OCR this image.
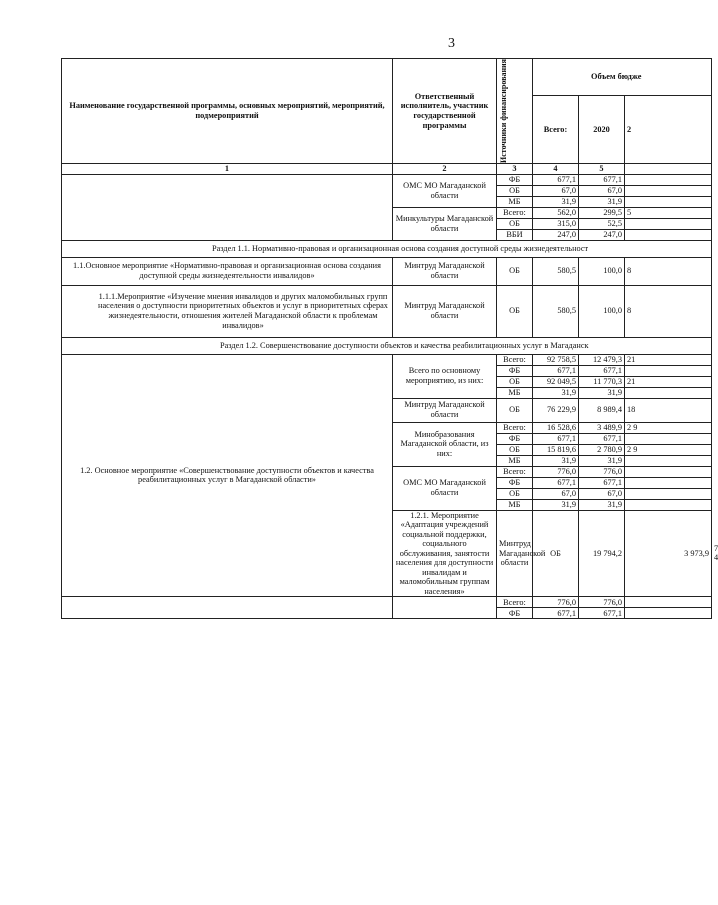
3
Наименование государственной программы, основных мероприятий, мероприятий, подмероприятий	Ответственный исполнитель, участник государственной программы	Источники финансирования	Объем бюдже			
			Всего:	2020	2	
1	2	3	4	5		
	ОМС МО Магаданской области	ФБ	677,1	677,1		
		ОБ	67,0	67,0		
		МБ	31,9	31,9		
	Минкультуры Магаданской области	Всего:	562,0	299,5	5	
		ОБ	315,0	52,5		
		ВБИ	247,0	247,0		
Раздел 1.1. Нормативно-правовая и организационная основа создания доступной среды жизнедеятельност						
1.1.Основное мероприятие «Нормативно-правовая и организационная основа создания доступной среды жизнедеятельности инвалидов»	Минтруд Магаданской области	ОБ	580,5	100,0	8	
1.1.1.Мероприятие «Изучение мнения инвалидов и других маломобильных групп населения о доступности приоритетных объектов и услуг в приоритетных сферах жизнедеятельности, отношения жителей Магаданской области к проблемам инвалидов»	Минтруд Магаданской области	ОБ	580,5	100,0	8	
Раздел 1.2. Совершенствование доступности объектов и качества реабилитационных услуг в Магаданск						
1.2. Основное мероприятие «Совершенствование доступности объектов и качества реабилитационных услуг в Магаданской области»	Всего по основному мероприятию, из них:	Всего:	92 758,5	12 479,3	21	
		ФБ	677,1	677,1		
		ОБ	92 049,5	11 770,3	21	
		МБ	31,9	31,9		
	Минтруд Магаданской области	ОБ	76 229,9	8 989,4	18	
	Минобразования Магаданской области, из них:	Всего:	16 528,6	3 489,9	2 9	
		ФБ	677,1	677,1		
		ОБ	15 819,6	2 780,9	2 9	
		МБ	31,9	31,9		
	ОМС МО Магаданской области	Всего:	776,0	776,0		
		ФБ	677,1	677,1		
		ОБ	67,0	67,0		
		МБ	31,9	31,9		
	1.2.1. Мероприятие «Адаптация учреждений социальной поддержки, социального обслуживания, занятости населения для доступности инвалидам и маломобильным группам населения»	Минтруд Магаданской области	ОБ	19 794,2	3 973,9	7 4
		Всего:	776,0	776,0		
		ФБ	677,1	677,1		
